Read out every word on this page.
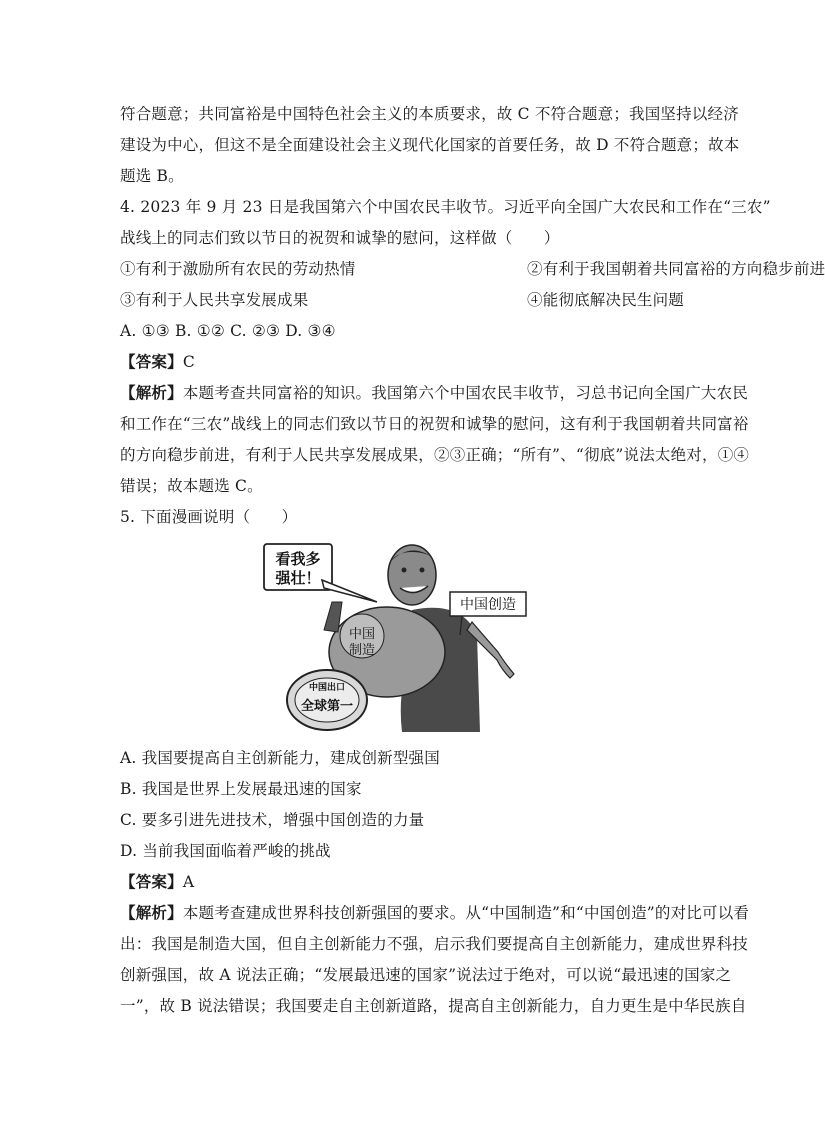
符合题意；共同富裕是中国特色社会主义的本质要求，故 C 不符合题意；我国坚持以经济
建设为中心，但这不是全面建设社会主义现代化国家的首要任务，故 D 不符合题意；故本
题选 B。
4. 2023 年 9 月 23 日是我国第六个中国农民丰收节。习近平向全国广大农民和工作在“三农”
战线上的同志们致以节日的祝贺和诚挚的慰问，这样做（　　）
①有利于激励所有农民的劳动热情	②有利于我国朝着共同富裕的方向稳步前进
③有利于人民共享发展成果	④能彻底解决民生问题
A. ①③ B. ①② C. ②③ D. ③④
【答案】C
【解析】本题考查共同富裕的知识。我国第六个中国农民丰收节，习总书记向全国广大农民
和工作在“三农”战线上的同志们致以节日的祝贺和诚挚的慰问，这有利于我国朝着共同富裕
的方向稳步前进，有利于人民共享发展成果，②③正确；“所有”、“彻底”说法太绝对，①④
错误；故本题选 C。
5. 下面漫画说明（　　）
看我多
强壮！
中国
制造
中国创造
中国出口
全球第一
A. 我国要提高自主创新能力，建成创新型强国
B. 我国是世界上发展最迅速的国家
C. 要多引进先进技术，增强中国创造的力量
D. 当前我国面临着严峻的挑战
【答案】A
【解析】本题考查建成世界科技创新强国的要求。从“中国制造”和“中国创造”的对比可以看
出：我国是制造大国，但自主创新能力不强，启示我们要提高自主创新能力，建成世界科技
创新强国，故 A 说法正确；“发展最迅速的国家”说法过于绝对，可以说“最迅速的国家之
一”，故 B 说法错误；我国要走自主创新道路，提高自主创新能力，自力更生是中华民族自
